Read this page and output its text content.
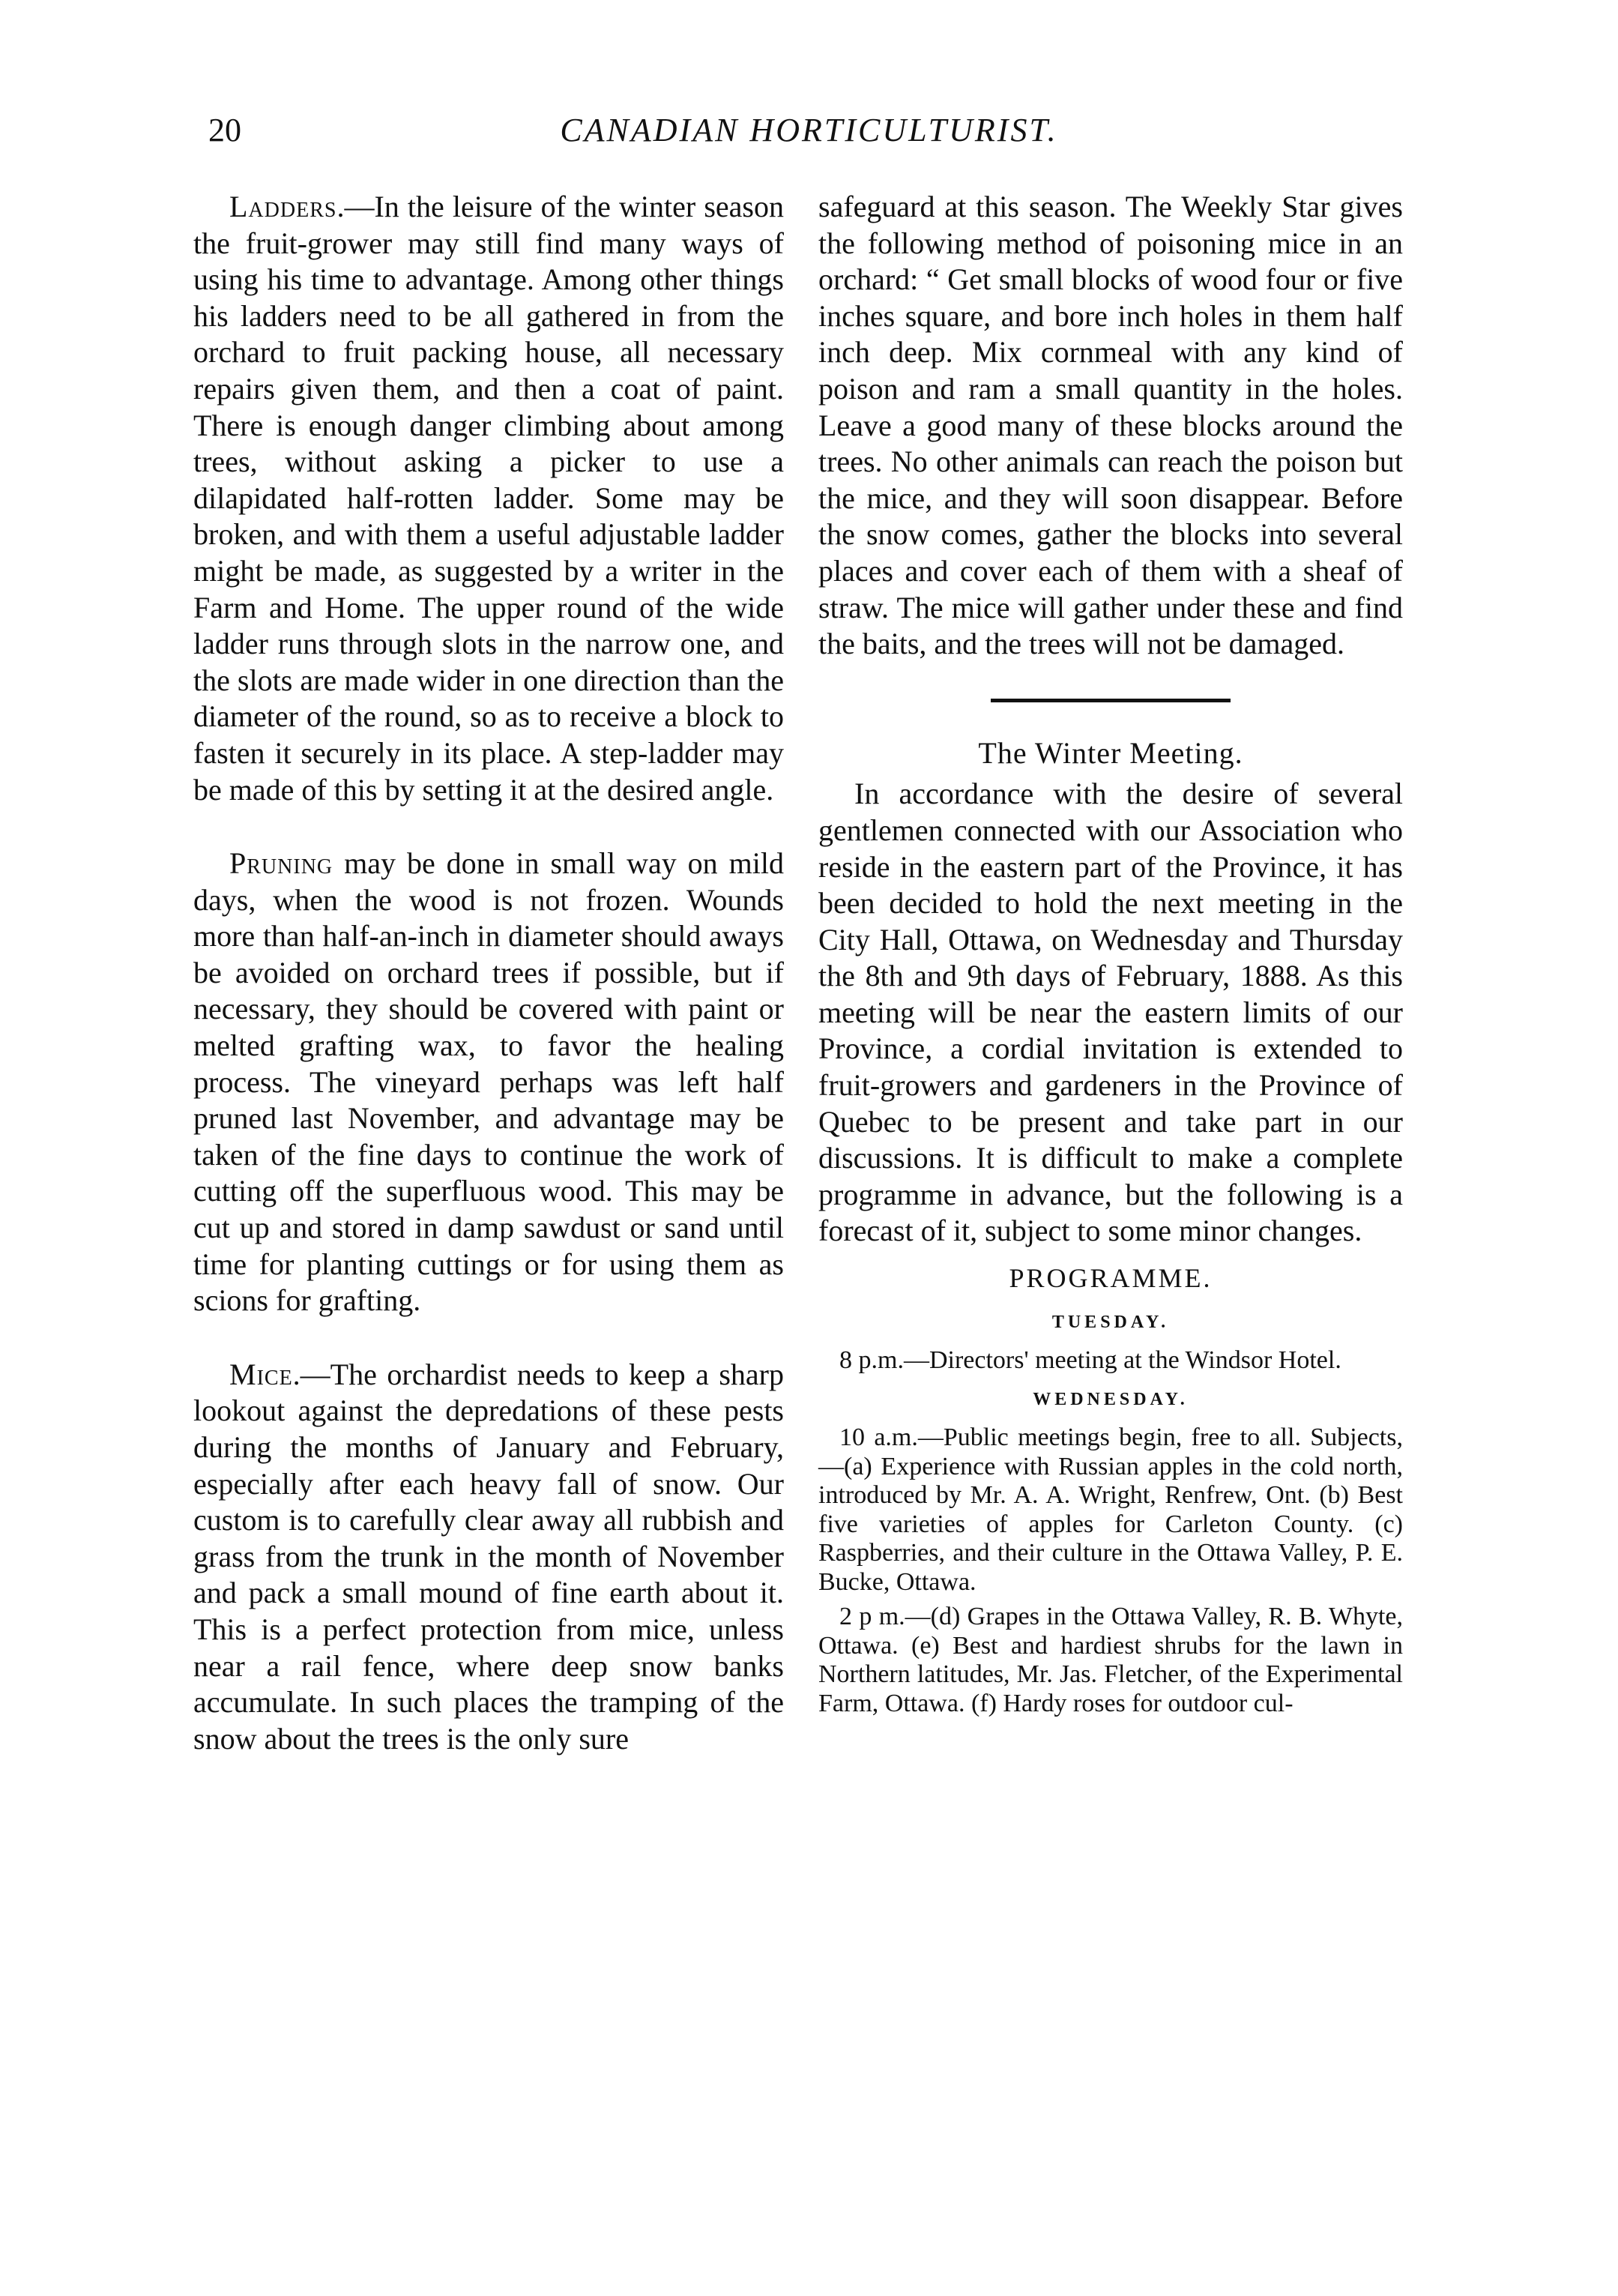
20	CANADIAN HORTICULTURIST.

Ladders.—In the leisure of the winter season the fruit-grower may still find many ways of using his time to advantage. Among other things his ladders need to be all gathered in from the orchard to fruit packing house, all necessary repairs given them, and then a coat of paint. There is enough danger climbing about among trees, without asking a picker to use a dilapidated half-rotten ladder. Some may be broken, and with them a useful adjustable ladder might be made, as suggested by a writer in the Farm and Home. The upper round of the wide ladder runs through slots in the narrow one, and the slots are made wider in one direction than the diameter of the round, so as to receive a block to fasten it securely in its place. A step-ladder may be made of this by setting it at the desired angle.

Pruning may be done in small way on mild days, when the wood is not frozen. Wounds more than half-an-inch in diameter should aways be avoided on orchard trees if possible, but if necessary, they should be covered with paint or melted grafting wax, to favor the healing process. The vineyard perhaps was left half pruned last November, and advantage may be taken of the fine days to continue the work of cutting off the superfluous wood. This may be cut up and stored in damp sawdust or sand until time for planting cuttings or for using them as scions for grafting.

Mice.—The orchardist needs to keep a sharp lookout against the depredations of these pests during the months of January and February, especially after each heavy fall of snow. Our custom is to carefully clear away all rubbish and grass from the trunk in the month of November and pack a small mound of fine earth about it. This is a perfect protection from mice, unless near a rail fence, where deep snow banks accumulate. In such places the tramping of the snow about the trees is the only sure

safeguard at this season. The Weekly Star gives the following method of poisoning mice in an orchard: “ Get small blocks of wood four or five inches square, and bore inch holes in them half inch deep. Mix cornmeal with any kind of poison and ram a small quantity in the holes. Leave a good many of these blocks around the trees. No other animals can reach the poison but the mice, and they will soon disappear. Before the snow comes, gather the blocks into several places and cover each of them with a sheaf of straw. The mice will gather under these and find the baits, and the trees will not be damaged.

The Winter Meeting.

In accordance with the desire of several gentlemen connected with our Association who reside in the eastern part of the Province, it has been decided to hold the next meeting in the City Hall, Ottawa, on Wednesday and Thursday the 8th and 9th days of February, 1888. As this meeting will be near the eastern limits of our Province, a cordial invitation is extended to fruit-growers and gardeners in the Province of Quebec to be present and take part in our discussions. It is difficult to make a complete programme in advance, but the following is a forecast of it, subject to some minor changes.

PROGRAMME.
TUESDAY.

8 p.m.—Directors' meeting at the Windsor Hotel.

WEDNESDAY.

10 a.m.—Public meetings begin, free to all. Subjects,—(a) Experience with Russian apples in the cold north, introduced by Mr. A. A. Wright, Renfrew, Ont. (b) Best five varieties of apples for Carleton County. (c) Raspberries, and their culture in the Ottawa Valley, P. E. Bucke, Ottawa.

2 p m.—(d) Grapes in the Ottawa Valley, R. B. Whyte, Ottawa. (e) Best and hardiest shrubs for the lawn in Northern latitudes, Mr. Jas. Fletcher, of the Experimental Farm, Ottawa. (f) Hardy roses for outdoor cul-
